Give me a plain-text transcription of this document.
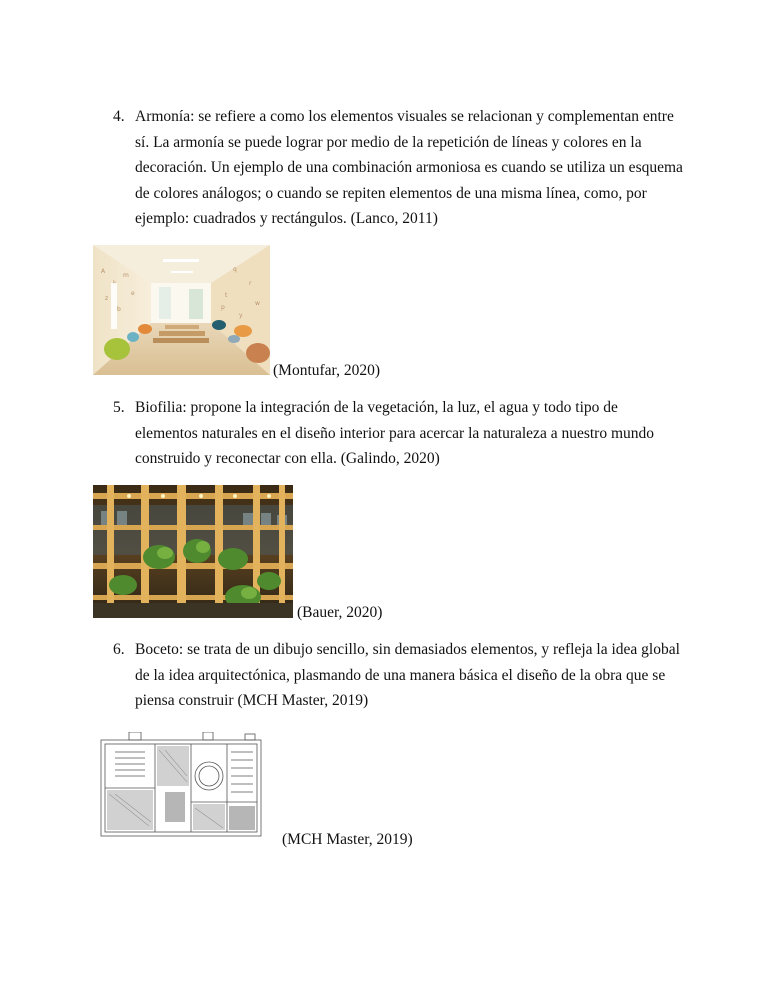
4. Armonía: se refiere a como los elementos visuales se relacionan y complementan entre sí. La armonía se puede lograr por medio de la repetición de líneas y colores en la decoración. Un ejemplo de una combinación armoniosa es cuando se utiliza un esquema de colores análogos; o cuando se repiten elementos de una misma línea, como, por ejemplo: cuadrados y rectángulos. (Lanco, 2011)
A
z
m
e
b
q
r
t
w
y
p
(Montufar, 2020)
5. Biofilia: propone la integración de la vegetación, la luz, el agua y todo tipo de elementos naturales en el diseño interior para acercar la naturaleza a nuestro mundo construido y reconectar con ella. (Galindo, 2020)
(Bauer, 2020)
6. Boceto: se trata de un dibujo sencillo, sin demasiados elementos, y refleja la idea global de la idea arquitectónica, plasmando de una manera básica el diseño de la obra que se piensa construir (MCH Master, 2019)
(MCH Master, 2019)
